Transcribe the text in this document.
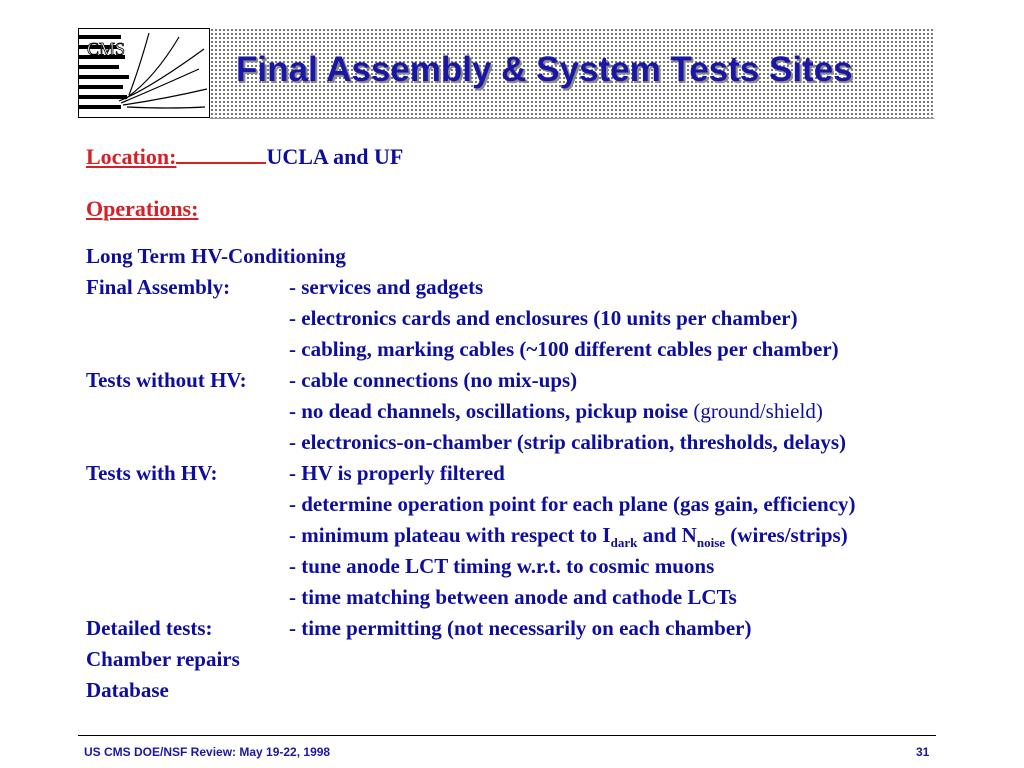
CMS
Final Assembly & System Tests Sites
Location:	UCLA and UF
Operations:
Long Term HV-Conditioning
Final Assembly:	- services and gadgets
- electronics cards and enclosures (10 units per chamber)
- cabling, marking cables (~100 different cables per chamber)
Tests without HV: - cable connections (no mix-ups)
- no dead channels, oscillations, pickup noise (ground/shield)
- electronics-on-chamber (strip calibration, thresholds, delays)
Tests with HV:	- HV is properly filtered
- determine operation point for each plane (gas gain, efficiency)
- minimum plateau with respect to $I_{dark}$ and $N_{noise}$ (wires/strips)
- tune anode LCT timing w.r.t. to cosmic muons
- time matching between anode and cathode LCTs
Detailed tests:	- time permitting (not necessarily on each chamber)
Chamber repairs
Database
US CMS DOE/NSF Review: May 19-22, 1998	31
